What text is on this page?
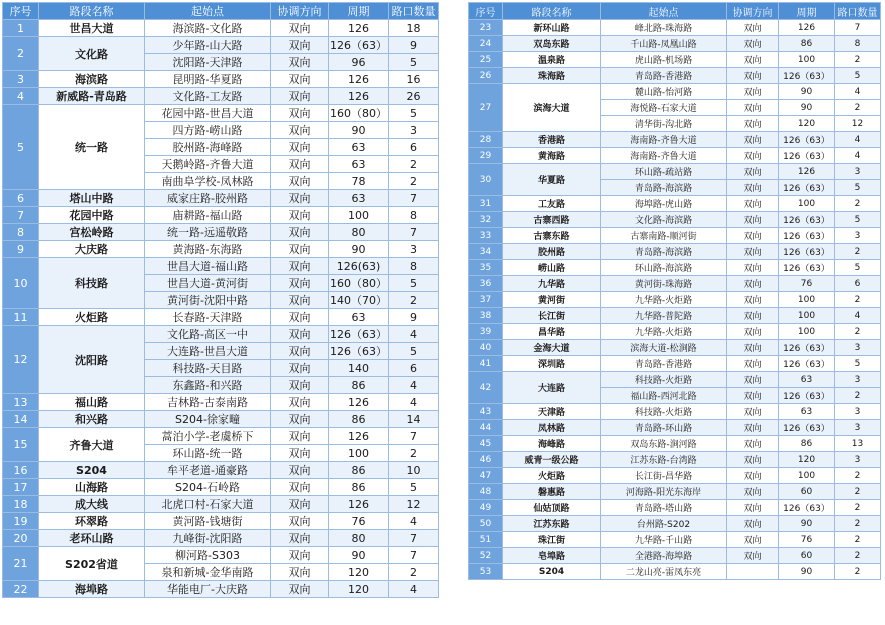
序号	路段名称	起始点	协调方向	周期	路口数量
1	世昌大道	海滨路-文化路	双向	126	18
2	文化路	少年路-山大路	双向	126（63）	9
		沈阳路-天津路	双向	96	5
3	海滨路	昆明路-华夏路	双向	126	16
4	新威路-青岛路	文化路-工友路	双向	126	26
5	统一路	花园中路-世昌大道	双向	160（80）	5
		四方路-崂山路	双向	90	3
		胶州路-海峰路	双向	63	6
		天鹅岭路-齐鲁大道	双向	63	2
		南曲阜学校-凤林路	双向	78	2
6	塔山中路	威家庄路-胶州路	双向	63	7
7	花园中路	庙耕路-福山路	双向	100	8
8	宫松岭路	统一路-远遥敬路	双向	80	7
9	大庆路	黄海路-东海路	双向	90	3
10	科技路	世昌大道-福山路	双向	126(63)	8
		世昌大道-黄河街	双向	160（80）	5
		黄河街-沈阳中路	双向	140（70）	2
11	火炬路	长春路-天津路	双向	63	9
12	沈阳路	文化路-高区一中	双向	126（63）	4
		大连路-世昌大道	双向	126（63）	5
		科技路-天目路	双向	140	6
		东鑫路-和兴路	双向	86	4
13	福山路	吉林路-古泰南路	双向	126	4
14	和兴路	S204-徐家疃	双向	86	14
15	齐鲁大道	蒿泊小学-老虞桥下	双向	126	7
		环山路-统一路	双向	100	2
16	S204	牟平老道-通豪路	双向	86	10
17	山海路	S204-石岭路	双向	86	5
18	成大线	北虎口村-石家大道	双向	126	12
19	环翠路	黄河路-钱塘街	双向	76	4
20	老环山路	九峰街-沈阳路	双向	80	7
21	S202省道	柳河路-S303	双向	90	7
		泉和新城-金华南路	双向	120	2
22	海埠路	华能电厂-大庆路	双向	120	4
序号	路段名称	起始点	协调方向	周期	路口数量
23	新环山路	峰北路-珠海路	双向	126	7
24	双岛东路	千山路-凤凰山路	双向	86	8
25	温泉路	虎山路-机场路	双向	100	2
26	珠海路	青岛路-香港路	双向	126（63）	5
27	滨海大道	麓山路-怡河路	双向	90	4
		海悦路-石家大道	双向	90	2
		清华街-沟北路	双向	120	12
28	香港路	海南路-齐鲁大道	双向	126（63）	4
29	黄海路	海南路-齐鲁大道	双向	126（63）	4
30	华夏路	环山路-疏站路	双向	126	3
		青岛路-海滨路	双向	126（63）	5
31	工友路	海埠路-虎山路	双向	100	2
32	古寨西路	文化路-海滨路	双向	126（63）	5
33	古寨东路	古寨南路-顺河街	双向	126（63）	3
34	胶州路	青岛路-海滨路	双向	126（63）	2
35	崂山路	环山路-海滨路	双向	126（63）	5
36	九华路	黄河街-珠海路	双向	76	6
37	黄河街	九华路-火炬路	双向	100	2
38	长江街	九华路-普陀路	双向	100	4
39	昌华路	九华路-火炬路	双向	100	2
40	金海大道	滨海大道-松涧路	双向	126（63）	3
41	深圳路	青岛路-香港路	双向	126（63）	5
42	大连路	科技路-火炬路	双向	63	3
		福山路-西河北路	双向	126（63）	2
43	天津路	科技路-火炬路	双向	63	3
44	凤林路	青岛路-环山路	双向	126（63）	3
45	海峰路	双岛东路-涧河路	双向	86	13
46	威青一级公路	江苏东路-台湾路	双向	120	3
47	火炬路	长江街-昌华路	双向	100	2
48	磐惠路	河海路-阳光东海岸	双向	60	2
49	仙姑顶路	青岛路-塔山路	双向	126（63）	2
50	江苏东路	台州路-S202	双向	90	2
51	珠江街	九华路-千山路	双向	76	2
52	皂埠路	全港路-海埠路	双向	60	2
53	S204	二龙山亮-雷凤东亮		90	2
